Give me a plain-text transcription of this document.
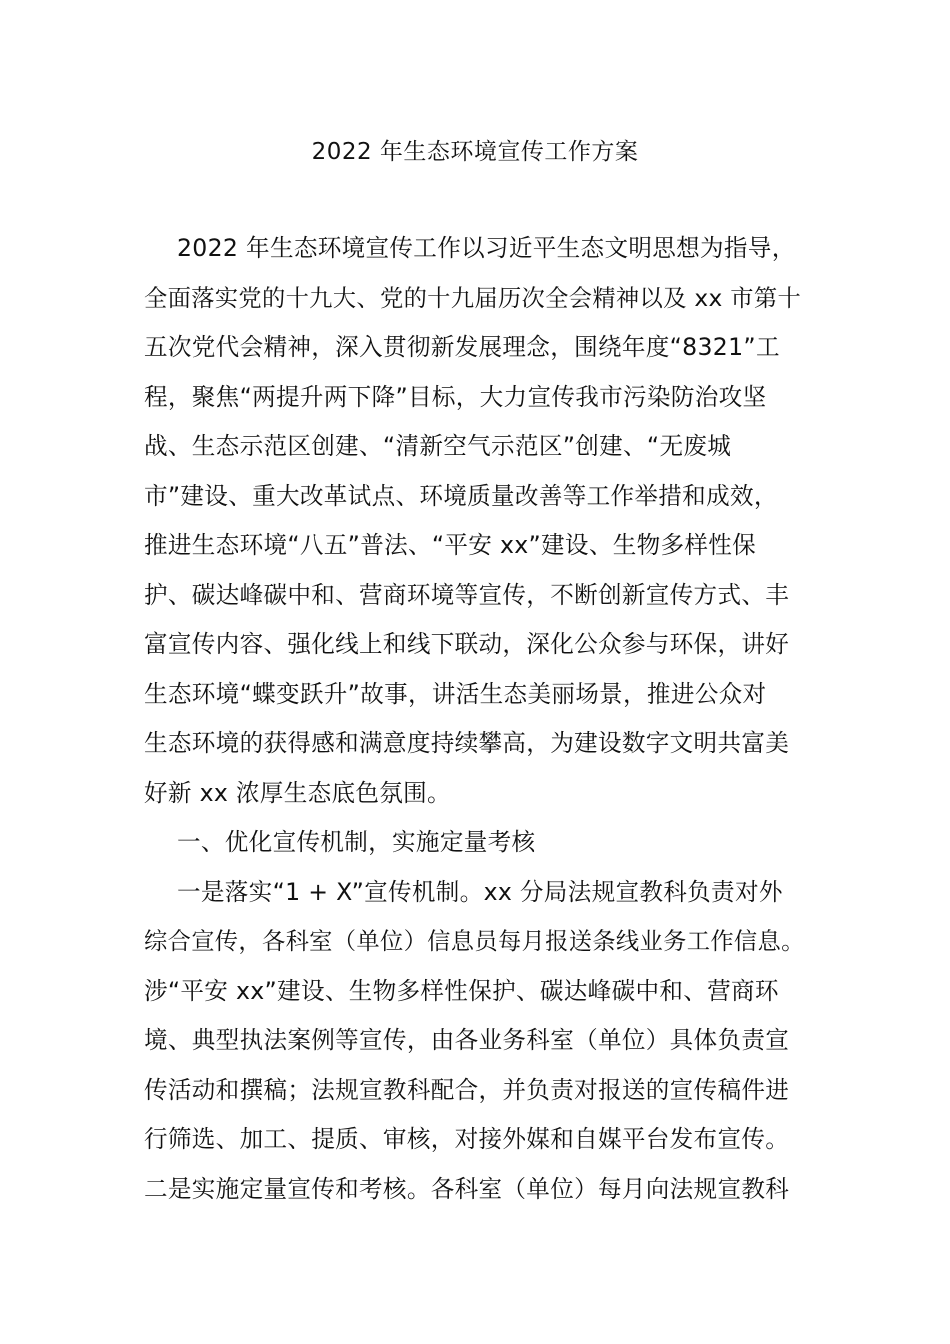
2022 年生态环境宣传工作方案
2022 年生态环境宣传工作以习近平生态文明思想为指导，
全面落实党的十九大、党的十九届历次全会精神以及 xx 市第十
五次党代会精神，深入贯彻新发展理念，围绕年度“8321”工
程，聚焦“两提升两下降”目标，大力宣传我市污染防治攻坚
战、生态示范区创建、“清新空气示范区”创建、“无废城
市”建设、重大改革试点、环境质量改善等工作举措和成效，
推进生态环境“八五”普法、“平安 xx”建设、生物多样性保
护、碳达峰碳中和、营商环境等宣传，不断创新宣传方式、丰
富宣传内容、强化线上和线下联动，深化公众参与环保，讲好
生态环境“蝶变跃升”故事，讲活生态美丽场景，推进公众对
生态环境的获得感和满意度持续攀高，为建设数字文明共富美
好新 xx 浓厚生态底色氛围。
一、优化宣传机制，实施定量考核
一是落实“1 + X”宣传机制。xx 分局法规宣教科负责对外
综合宣传，各科室（单位）信息员每月报送条线业务工作信息。
涉“平安 xx”建设、生物多样性保护、碳达峰碳中和、营商环
境、典型执法案例等宣传，由各业务科室（单位）具体负责宣
传活动和撰稿；法规宣教科配合，并负责对报送的宣传稿件进
行筛选、加工、提质、审核，对接外媒和自媒平台发布宣传。
二是实施定量宣传和考核。各科室（单位）每月向法规宣教科
